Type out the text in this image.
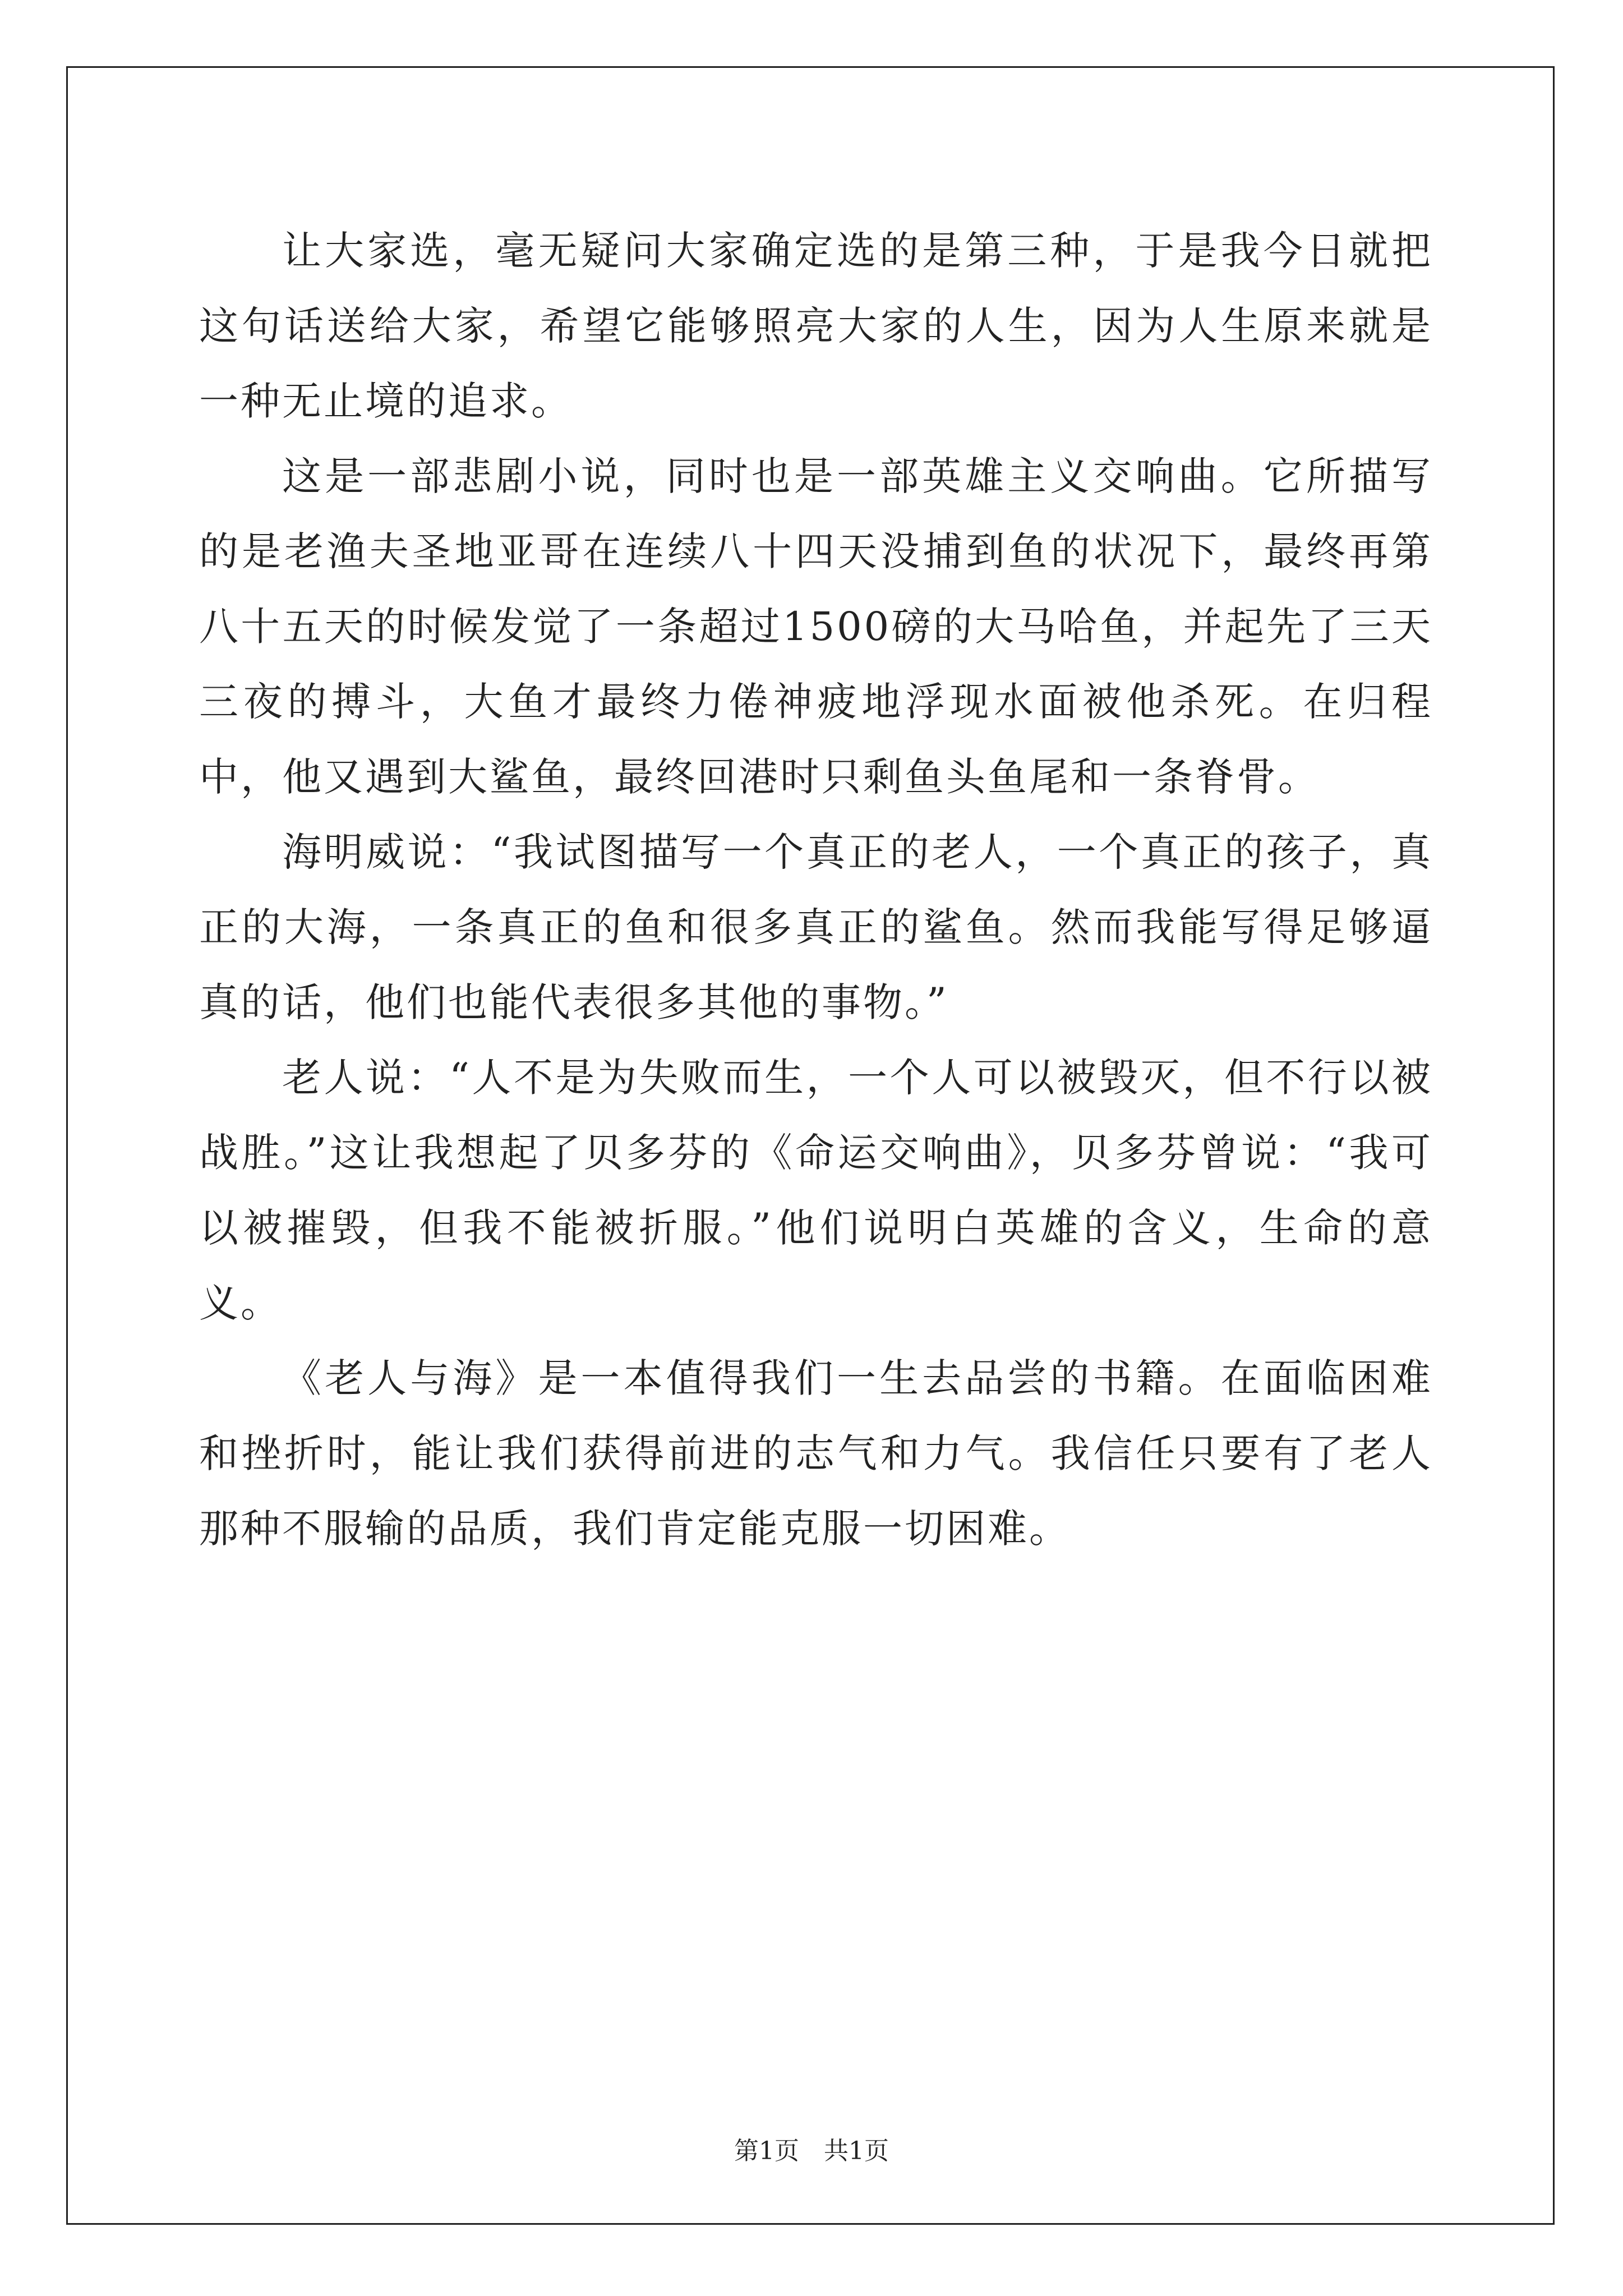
让大家选，毫无疑问大家确定选的是第三种，于是我今日就把这句话送给大家，希望它能够照亮大家的人生，因为人生原来就是一种无止境的追求。

这是一部悲剧小说，同时也是一部英雄主义交响曲。它所描写的是老渔夫圣地亚哥在连续八十四天没捕到鱼的状况下，最终再第八十五天的时候发觉了一条超过1500磅的大马哈鱼，并起先了三天三夜的搏斗，大鱼才最终力倦神疲地浮现水面被他杀死。在归程中，他又遇到大鲨鱼，最终回港时只剩鱼头鱼尾和一条脊骨。

海明威说：“我试图描写一个真正的老人，一个真正的孩子，真正的大海，一条真正的鱼和很多真正的鲨鱼。然而我能写得足够逼真的话，他们也能代表很多其他的事物。”

老人说：“人不是为失败而生，一个人可以被毁灭，但不行以被战胜。”这让我想起了贝多芬的《命运交响曲》，贝多芬曾说：“我可以被摧毁，但我不能被折服。”他们说明白英雄的含义，生命的意义。

《老人与海》是一本值得我们一生去品尝的书籍。在面临困难和挫折时，能让我们获得前进的志气和力气。我信任只要有了老人那种不服输的品质，我们肯定能克服一切困难。

第1页　共1页
